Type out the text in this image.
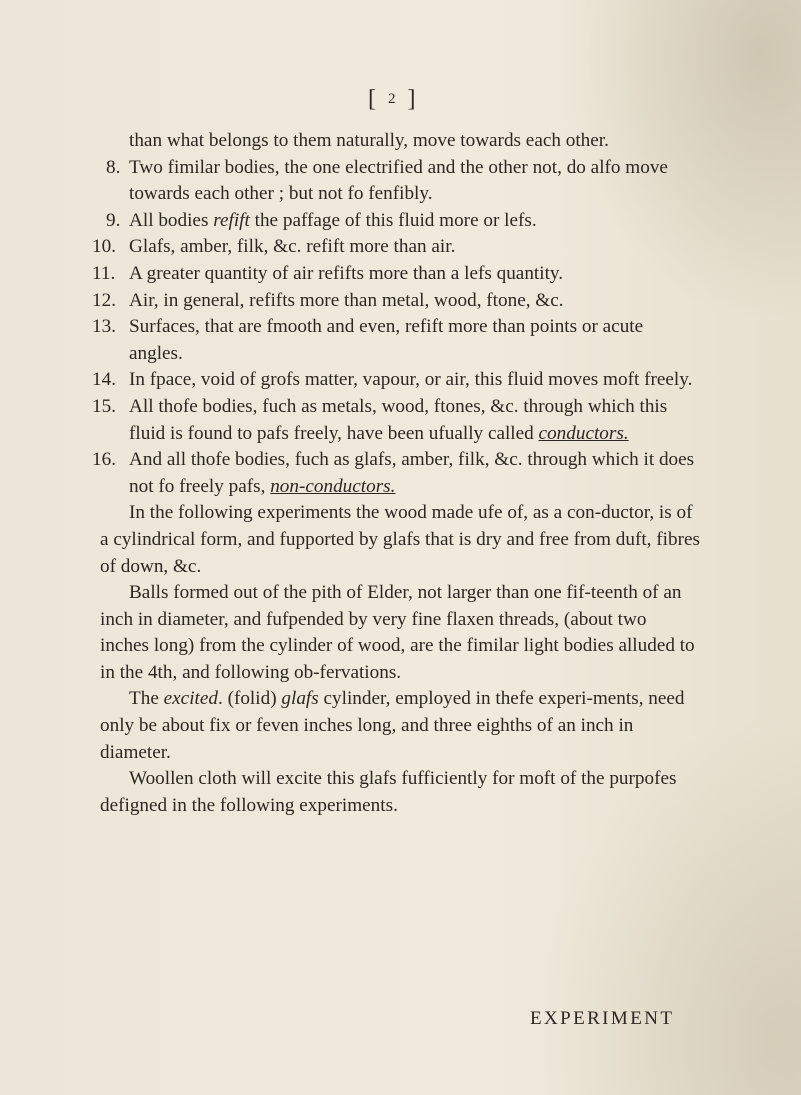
[ 2 ]
than what belongs to them naturally, move towards each other.
8. Two fimilar bodies, the one electrified and the other not, do alfo move towards each other ; but not fo fenfibly.
9. All bodies refift the paffage of this fluid more or lefs.
10. Glafs, amber, filk, &c. refift more than air.
11. A greater quantity of air refifts more than a lefs quantity.
12. Air, in general, refifts more than metal, wood, ftone, &c.
13. Surfaces, that are fmooth and even, refift more than points or acute angles.
14. In fpace, void of grofs matter, vapour, or air, this fluid moves moft freely.
15. All thofe bodies, fuch as metals, wood, ftones, &c. through which this fluid is found to pafs freely, have been ufually called conductors.
16. And all thofe bodies, fuch as glafs, amber, filk, &c. through which it does not fo freely pafs, non-conductors.
In the following experiments the wood made ufe of, as a con-ductor, is of a cylindrical form, and fupported by glafs that is dry and free from duft, fibres of down, &c.
Balls formed out of the pith of Elder, not larger than one fif-teenth of an inch in diameter, and fufpended by very fine flaxen threads, (about two inches long) from the cylinder of wood, are the fimilar light bodies alluded to in the 4th, and following ob-fervations.
The excited. (folid) glafs cylinder, employed in thefe experi-ments, need only be about fix or feven inches long, and three eighths of an inch in diameter.
Woollen cloth will excite this glafs fufficiently for moft of the purpofes defigned in the following experiments.
EXPERIMENT
